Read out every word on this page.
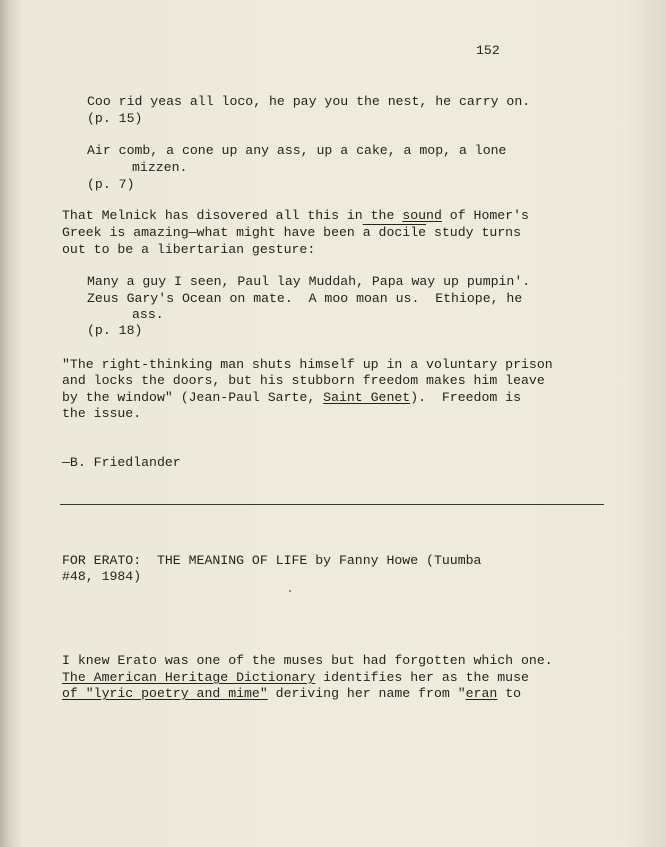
152
Coo rid yeas all loco, he pay you the nest, he carry on.
(p. 15)
Air comb, a cone up any ass, up a cake, a mop, a lone
mizzen.
(p. 7)
That Melnick has disovered all this in the sound of Homer's
Greek is amazing—what might have been a docile study turns
out to be a libertarian gesture:
Many a guy I seen, Paul lay Muddah, Papa way up pumpin'.
Zeus Gary's Ocean on mate.  A moo moan us.  Ethiope, he
ass.
(p. 18)
"The right-thinking man shuts himself up in a voluntary prison
and locks the doors, but his stubborn freedom makes him leave
by the window" (Jean-Paul Sarte, Saint Genet).  Freedom is
the issue.
—B. Friedlander
FOR ERATO:  THE MEANING OF LIFE by Fanny Howe (Tuumba
#48, 1984)
I knew Erato was one of the muses but had forgotten which one.
The American Heritage Dictionary identifies her as the muse
of "lyric poetry and mime" deriving her name from "eran to
